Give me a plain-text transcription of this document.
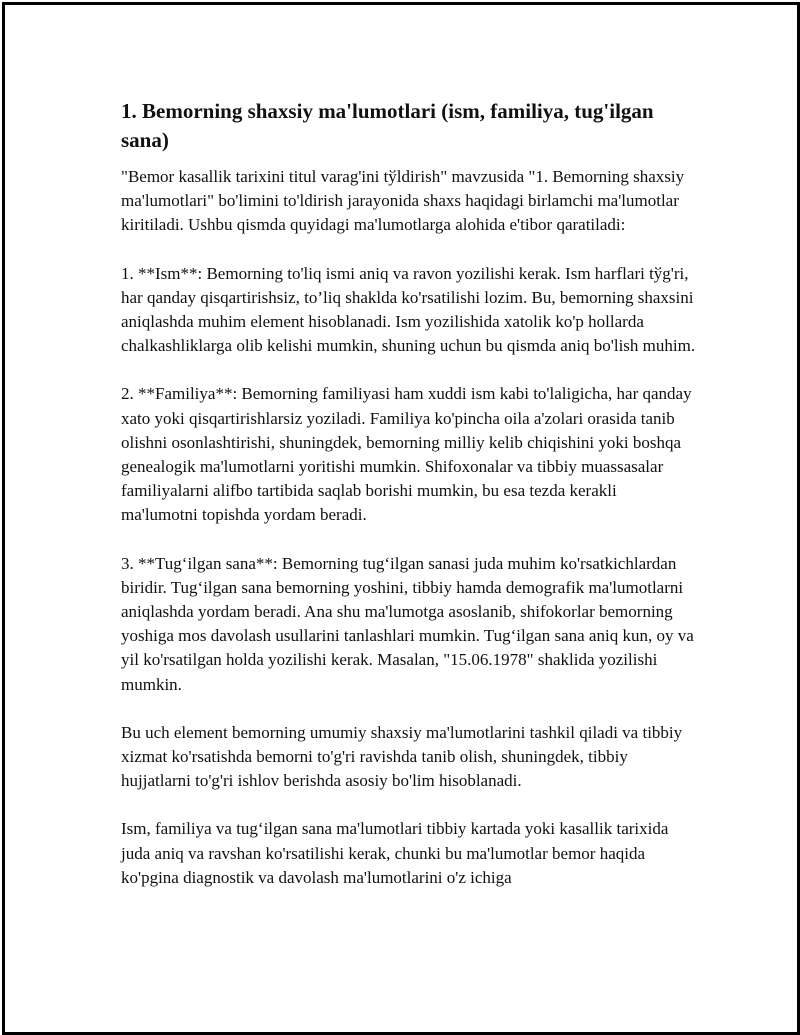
1. Bemorning shaxsiy ma'lumotlari (ism, familiya, tug'ilgan sana)

"Bemor kasallik tarixini titul varag'ini tўldirish" mavzusida "1. Bemorning shaxsiy ma'lumotlari" bo'limini to'ldirish jarayonida shaxs haqidagi birlamchi ma'lumotlar kiritiladi. Ushbu qismda quyidagi ma'lumotlarga alohida e'tibor qaratiladi:

1. **Ism**: Bemorning to'liq ismi aniq va ravon yozilishi kerak. Ism harflari tўg'ri, har qanday qisqartirishsiz, to’liq shaklda ko'rsatilishi lozim. Bu, bemorning shaxsini aniqlashda muhim element hisoblanadi. Ism yozilishida xatolik ko'p hollarda chalkashliklarga olib kelishi mumkin, shuning uchun bu qismda aniq bo'lish muhim.

2. **Familiya**: Bemorning familiyasi ham xuddi ism kabi to'laligicha, har qanday xato yoki qisqartirishlarsiz yoziladi. Familiya ko'pincha oila a'zolari orasida tanib olishni osonlashtirishi, shuningdek, bemorning milliy kelib chiqishini yoki boshqa genealogik ma'lumotlarni yoritishi mumkin. Shifoxonalar va tibbiy muassasalar familiyalarni alifbo tartibida saqlab borishi mumkin, bu esa tezda kerakli ma'lumotni topishda yordam beradi.

3. **Tug‘ilgan sana**: Bemorning tug‘ilgan sanasi juda muhim ko'rsatkichlardan biridir. Tug‘ilgan sana bemorning yoshini, tibbiy hamda demografik ma'lumotlarni aniqlashda yordam beradi. Ana shu ma'lumotga asoslanib, shifokorlar bemorning yoshiga mos davolash usullarini tanlashlari mumkin. Tug‘ilgan sana aniq kun, oy va yil ko'rsatilgan holda yozilishi kerak. Masalan, "15.06.1978" shaklida yozilishi mumkin.

Bu uch element bemorning umumiy shaxsiy ma'lumotlarini tashkil qiladi va tibbiy xizmat ko'rsatishda bemorni to'g'ri ravishda tanib olish, shuningdek, tibbiy hujjatlarni to'g'ri ishlov berishda asosiy bo'lim hisoblanadi.

Ism, familiya va tug‘ilgan sana ma'lumotlari tibbiy kartada yoki kasallik tarixida juda aniq va ravshan ko'rsatilishi kerak, chunki bu ma'lumotlar bemor haqida ko'pgina diagnostik va davolash ma'lumotlarini o'z ichiga
